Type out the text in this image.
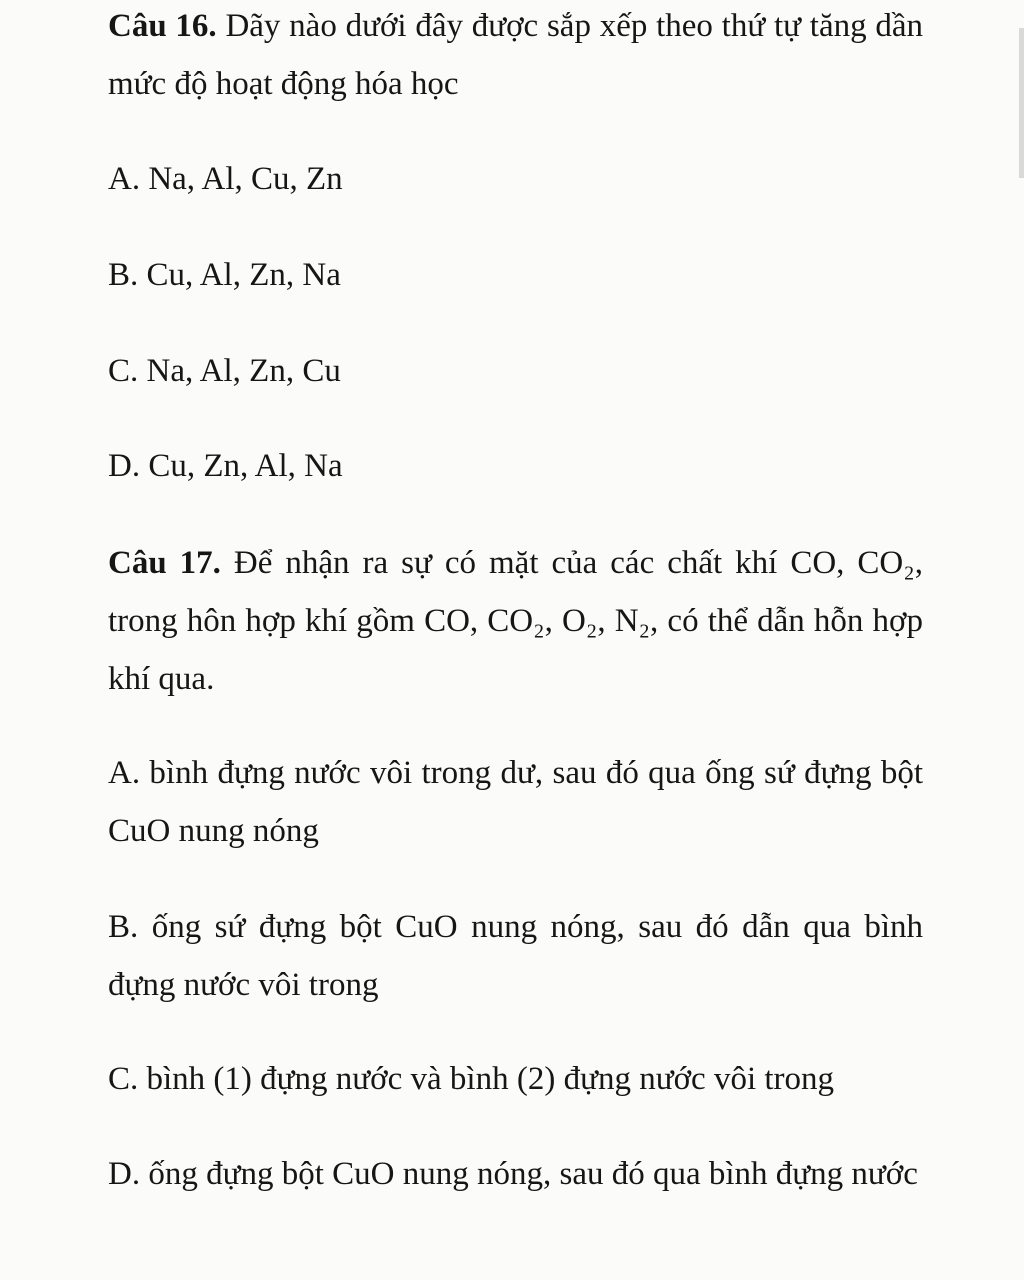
Câu 16. Dãy nào dưới đây được sắp xếp theo thứ tự tăng dần mức độ hoạt động hóa học

A. Na, Al, Cu, Zn

B. Cu, Al, Zn, Na

C. Na, Al, Zn, Cu

D. Cu, Zn, Al, Na

Câu 17. Để nhận ra sự có mặt của các chất khí CO, CO₂, trong hôn hợp khí gồm CO, CO₂, O₂, N₂, có thể dẫn hỗn hợp khí qua.

A. bình đựng nước vôi trong dư, sau đó qua ống sứ đựng bột CuO nung nóng

B. ống sứ đựng bột CuO nung nóng, sau đó dẫn qua bình đựng nước vôi trong

C. bình (1) đựng nước và bình (2) đựng nước vôi trong

D. ống đựng bột CuO nung nóng, sau đó qua bình đựng nước
